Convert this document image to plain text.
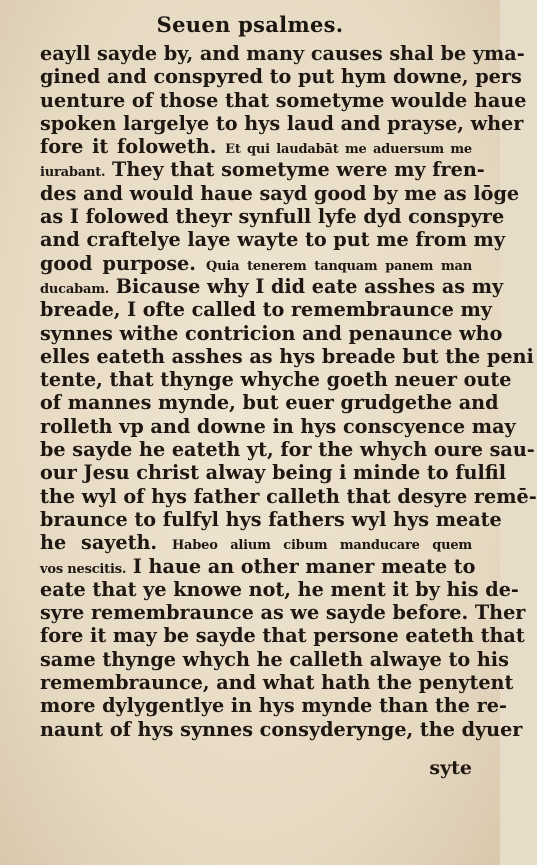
Seuen psalmes.
eayll sayde by, and many causes shal be yma-
gined and conspyred to put hym downe, pers
uenture of those that sometyme woulde haue
spoken largelye to hys laud and prayse, wher
fore it foloweth. Et qui laudabāt me aduersum me
iurabant. They that sometyme were my fren-
des and would haue sayd good by me as lōge
as I folowed theyr synfull lyfe dyd conspyre
and craftelye laye wayte to put me from my
good purpose. Quia tenerem tanquam panem man
ducabam. Bicause why I did eate asshes as my
breade, I ofte called to remembraunce my
synnes withe contricion and penaunce who
elles eateth asshes as hys breade but the peni
tente, that thynge whyche goeth neuer oute
of mannes mynde, but euer grudgethe and
rolleth vp and downe in hys conscyence may
be sayde he eateth yt, for the whych oure sau-
our Jesu christ alway being i minde to fulfil
the wyl of hys father calleth that desyre remē-
braunce to fulfyl hys fathers wyl hys meate
he sayeth. Habeo alium cibum manducare quem
vos nescitis. I haue an other maner meate to
eate that ye knowe not, he ment it by his de-
syre remembraunce as we sayde before. Ther
fore it may be sayde that persone eateth that
same thynge whych he calleth alwaye to his
remembraunce, and what hath the penytent
more dylygentlye in hys mynde than the re-
naunt of hys synnes consyderynge, the dyuer
syte
